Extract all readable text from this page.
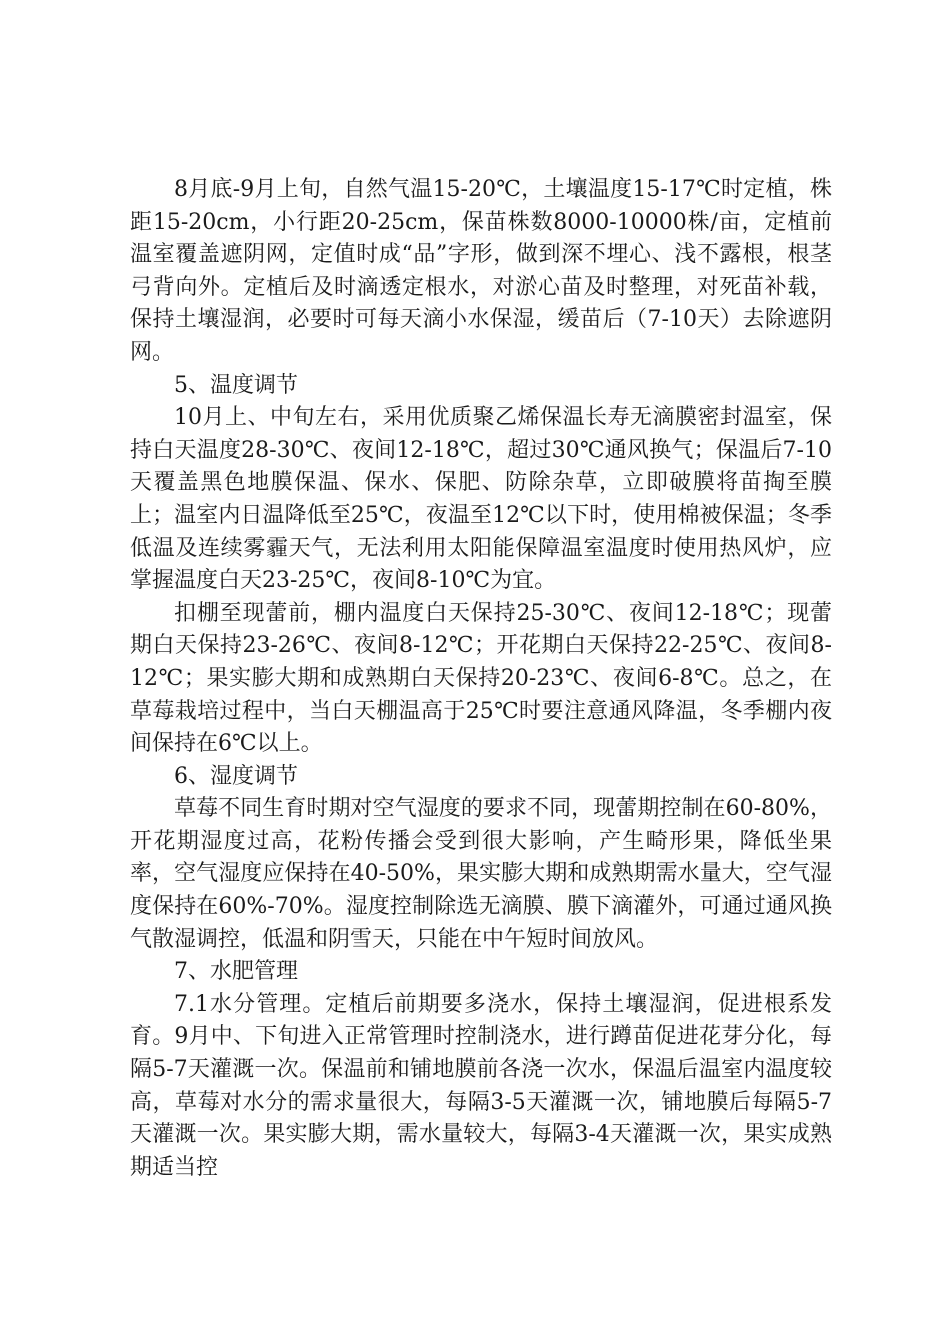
8月底-9月上旬，自然气温15-20℃，土壤温度15-17℃时定植，株距15-20cm，小行距20-25cm，保苗株数8000-10000株/亩，定植前温室覆盖遮阴网，定值时成“品”字形，做到深不埋心、浅不露根，根茎弓背向外。定植后及时滴透定根水，对淤心苗及时整理，对死苗补载，保持土壤湿润，必要时可每天滴小水保湿，缓苗后（7-10天）去除遮阴网。

5、温度调节

10月上、中旬左右，采用优质聚乙烯保温长寿无滴膜密封温室，保持白天温度28-30℃、夜间12-18℃，超过30℃通风换气；保温后7-10天覆盖黑色地膜保温、保水、保肥、防除杂草，立即破膜将苗掏至膜上；温室内日温降低至25℃，夜温至12℃以下时，使用棉被保温；冬季低温及连续雾霾天气，无法利用太阳能保障温室温度时使用热风炉，应掌握温度白天23-25℃，夜间8-10℃为宜。

扣棚至现蕾前，棚内温度白天保持25-30℃、夜间12-18℃；现蕾期白天保持23-26℃、夜间8-12℃；开花期白天保持22-25℃、夜间8-12℃；果实膨大期和成熟期白天保持20-23℃、夜间6-8℃。总之，在草莓栽培过程中，当白天棚温高于25℃时要注意通风降温，冬季棚内夜间保持在6℃以上。

6、湿度调节

草莓不同生育时期对空气湿度的要求不同，现蕾期控制在60-80%，开花期湿度过高，花粉传播会受到很大影响，产生畸形果，降低坐果率，空气湿度应保持在40-50%，果实膨大期和成熟期需水量大，空气湿度保持在60%-70%。湿度控制除选无滴膜、膜下滴灌外，可通过通风换气散湿调控，低温和阴雪天，只能在中午短时间放风。

7、水肥管理

7.1水分管理。定植后前期要多浇水，保持土壤湿润，促进根系发育。9月中、下旬进入正常管理时控制浇水，进行蹲苗促进花芽分化，每隔5-7天灌溉一次。保温前和铺地膜前各浇一次水，保温后温室内温度较高，草莓对水分的需求量很大，每隔3-5天灌溉一次，铺地膜后每隔5-7天灌溉一次。果实膨大期，需水量较大，每隔3-4天灌溉一次，果实成熟期适当控
